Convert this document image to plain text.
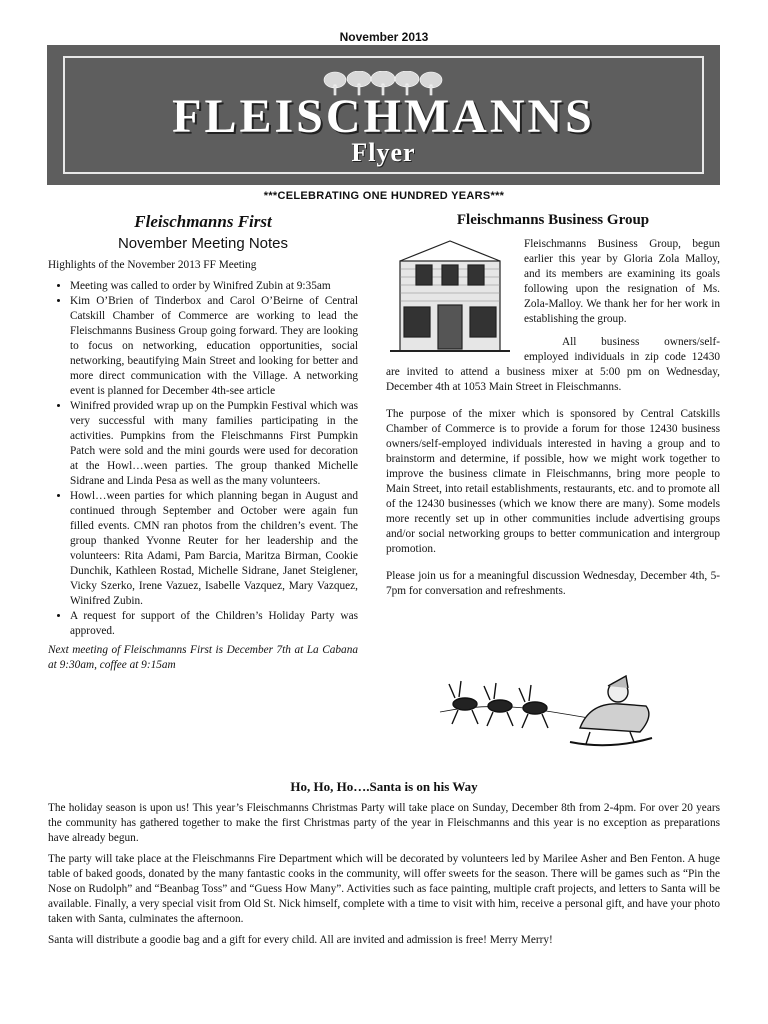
November 2013
FLEISCHMANNS
Flyer
***CELEBRATING ONE HUNDRED YEARS***
Fleischmanns First
November Meeting Notes

Highlights of the November 2013 FF Meeting

• Meeting was called to order by Winifred Zubin at 9:35am
• Kim O’Brien of Tinderbox and Carol O’Beirne of Central Catskill Chamber of Commerce are working to lead the Fleischmanns Business Group going forward. They are looking to focus on networking, education opportunities, social networking, beautifying Main Street and looking for better and more direct communication with the Village. A networking event is planned for December 4th-see article
• Winifred provided wrap up on the Pumpkin Festival which was very successful with many families participating in the activities. Pumpkins from the Fleischmanns First Pumpkin Patch were sold and the mini gourds were used for decoration at the Howl…ween parties. The group thanked Michelle Sidrane and Linda Pesa as well as the many volunteers.
• Howl…ween parties for which planning began in August and continued through September and October were again fun filled events. CMN ran photos from the children’s event. The group thanked Yvonne Reuter for her leadership and the volunteers: Rita Adami, Pam Barcia, Maritza Birman, Cookie Dunchik, Kathleen Rostad, Michelle Sidrane, Janet Steiglener, Vicky Szerko, Irene Vazuez, Isabelle Vazquez, Mary Vazquez, Winifred Zubin.
• A request for support of the Children’s Holiday Party was approved.
Next meeting of Fleischmanns First is December 7th at La Cabana at 9:30am, coffee at 9:15am
Fleischmanns Business Group

Fleischmanns Business Group, begun earlier this year by Gloria Zola Malloy, and its members are examining its goals following upon the resignation of Ms. Zola-Malloy. We thank her for her work in establishing the group.

All business owners/self-employed individuals in zip code 12430 are invited to attend a business mixer at 5:00 pm on Wednesday, December 4th at 1053 Main Street in Fleischmanns.

The purpose of the mixer which is sponsored by Central Catskills Chamber of Commerce is to provide a forum for those 12430 business owners/self-employed individuals interested in having a group and to brainstorm and determine, if possible, how we might work together to improve the business climate in Fleischmanns, bring more people to Main Street, into retail establishments, restaurants, etc. and to promote all of the 12430 businesses (which we know there are many). Some models more recently set up in other communities include advertising groups and/or social networking groups to better communication and intergroup promotion.

Please join us for a meaningful discussion Wednesday, December 4th, 5-7pm for conversation and refreshments.

Ho, Ho, Ho….Santa is on his Way

The holiday season is upon us! This year’s Fleischmanns Christmas Party will take place on Sunday, December 8th from 2-4pm. For over 20 years the community has gathered together to make the first Christmas party of the year in Fleischmanns and this year is no exception as preparations have already begun.

The party will take place at the Fleischmanns Fire Department which will be decorated by volunteers led by Marilee Asher and Ben Fenton. A huge table of baked goods, donated by the many fantastic cooks in the community, will offer sweets for the season. There will be games such as “Pin the Nose on Rudolph” and “Beanbag Toss” and “Guess How Many”. Activities such as face painting, multiple craft projects, and letters to Santa will be available. Finally, a very special visit from Old St. Nick himself, complete with a time to visit with him, receive a personal gift, and have your photo taken with Santa, culminates the afternoon.

Santa will distribute a goodie bag and a gift for every child. All are invited and admission is free! Merry Merry!
